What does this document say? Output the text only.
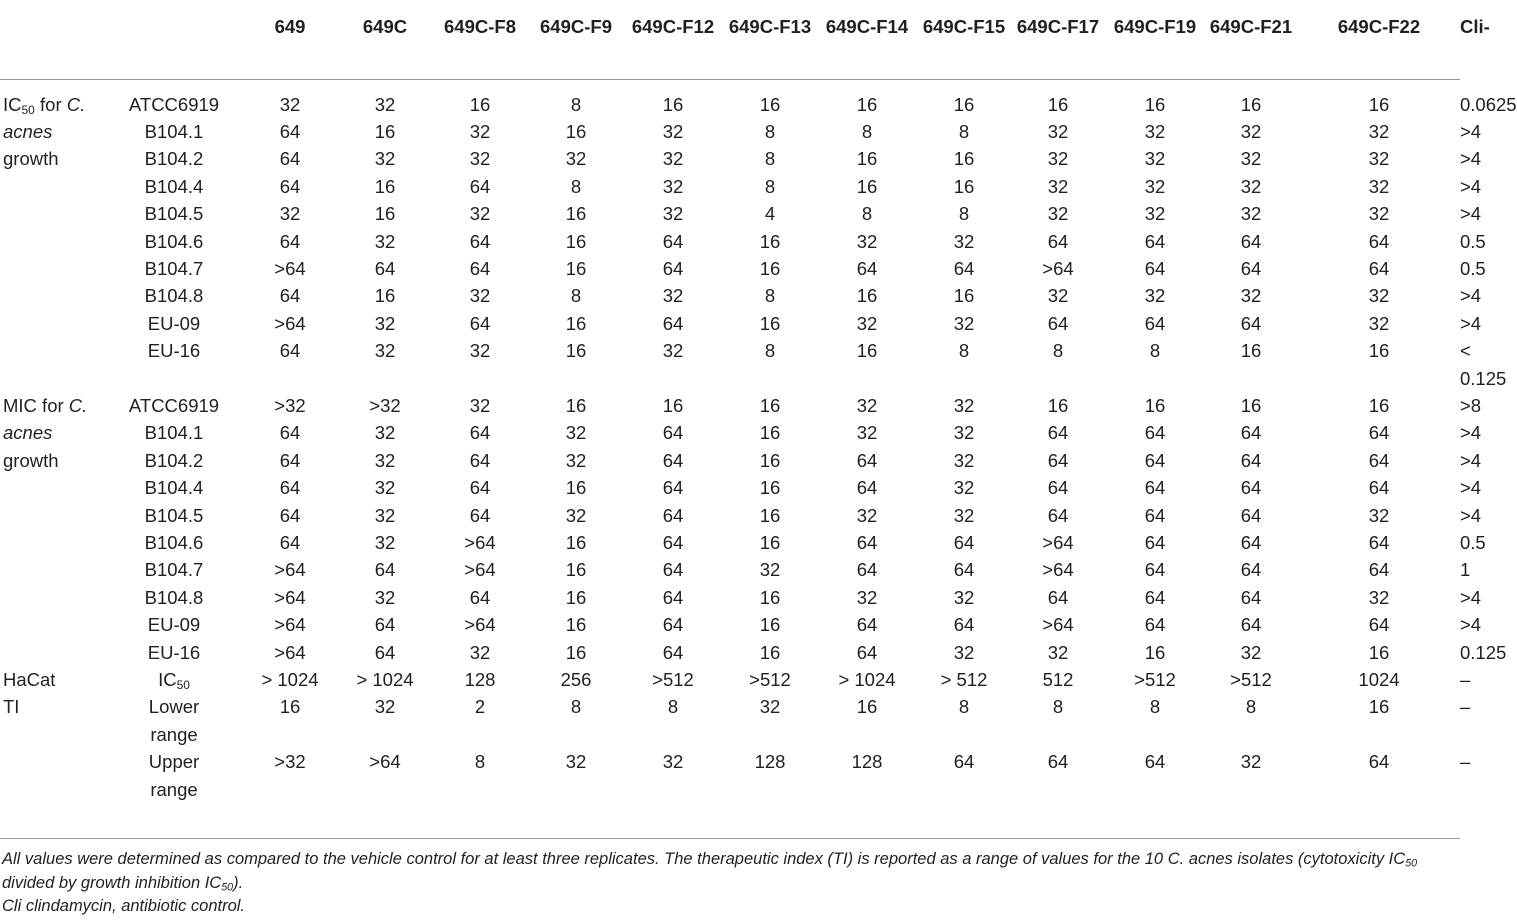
		649	649C	649C-F8	649C-F9	649C-F12	649C-F13	649C-F14	649C-F15	649C-F17	649C-F19	649C-F21	649C-F22	Cli-
$IC_{50}$ for C. acnes growth	ATCC6919	32	32	16	8	16	16	16	16	16	16	16	16	0.0625
	B104.1	64	16	32	16	32	8	8	8	32	32	32	32	>4
	B104.2	64	32	32	32	32	8	16	16	32	32	32	32	>4
	B104.4	64	16	64	8	32	8	16	16	32	32	32	32	>4
	B104.5	32	16	32	16	32	4	8	8	32	32	32	32	>4
	B104.6	64	32	64	16	64	16	32	32	64	64	64	64	0.5
	B104.7	>64	64	64	16	64	16	64	64	>64	64	64	64	0.5
	B104.8	64	16	32	8	32	8	16	16	32	32	32	32	>4
	EU-09	>64	32	64	16	64	16	32	32	64	64	64	32	>4
	EU-16	64	32	32	16	32	8	16	8	8	8	16	16	< 0.125
MIC for C. acnes growth	ATCC6919	>32	>32	32	16	16	16	32	32	16	16	16	16	>8
	B104.1	64	32	64	32	64	16	32	32	64	64	64	64	>4
	B104.2	64	32	64	32	64	16	64	32	64	64	64	64	>4
	B104.4	64	32	64	16	64	16	64	32	64	64	64	64	>4
	B104.5	64	32	64	32	64	16	32	32	64	64	64	32	>4
	B104.6	64	32	>64	16	64	16	64	64	>64	64	64	64	0.5
	B104.7	>64	64	>64	16	64	32	64	64	>64	64	64	64	1
	B104.8	>64	32	64	16	64	16	32	32	64	64	64	32	>4
	EU-09	>64	64	>64	16	64	16	64	64	>64	64	64	64	>4
	EU-16	>64	64	32	16	64	16	64	32	32	16	32	16	0.125
HaCat	$IC_{50}$	> 1024	> 1024	128	256	>512	>512	> 1024	> 512	512	>512	>512	1024	–
TI	Lower range	16	32	2	8	8	32	16	8	8	8	8	16	–
	Upper range	>32	>64	8	32	32	128	128	64	64	64	32	64	–

All values were determined as compared to the vehicle control for at least three replicates. The therapeutic index (TI) is reported as a range of values for the 10 C. acnes isolates (cytotoxicity $IC_{50}$ divided by growth inhibition $IC_{50}$).

Cli clindamycin, antibiotic control.
